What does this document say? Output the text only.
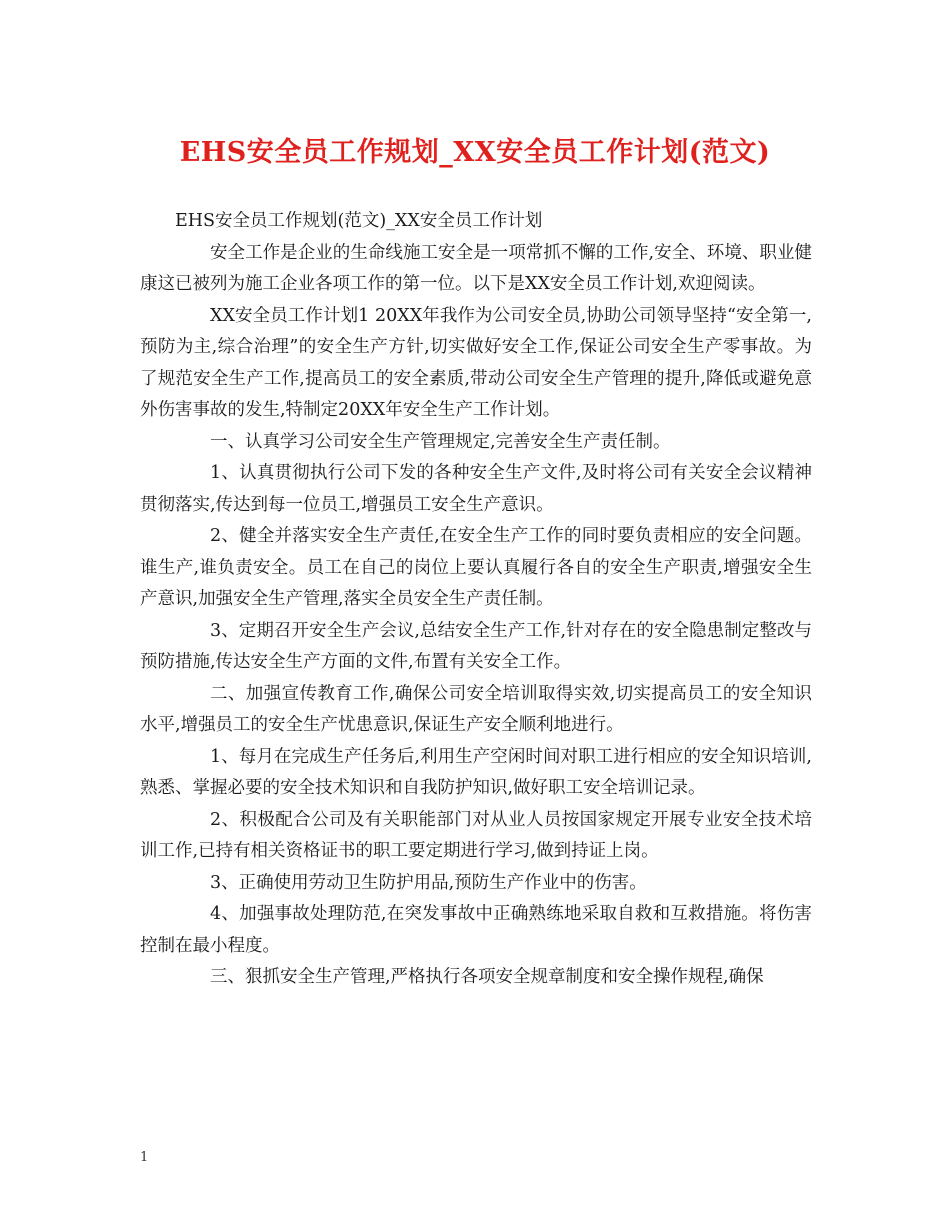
EHS安全员工作规划_XX安全员工作计划(范文)

EHS安全员工作规划(范文)_XX安全员工作计划

安全工作是企业的生命线施工安全是一项常抓不懈的工作,安全、环境、职业健康这已被列为施工企业各项工作的第一位。以下是XX安全员工作计划,欢迎阅读。

XX安全员工作计划1 20XX年我作为公司安全员,协助公司领导坚持“安全第一,预防为主,综合治理”的安全生产方针,切实做好安全工作,保证公司安全生产零事故。为了规范安全生产工作,提高员工的安全素质,带动公司安全生产管理的提升,降低或避免意外伤害事故的发生,特制定20XX年安全生产工作计划。

一、认真学习公司安全生产管理规定,完善安全生产责任制。

1、认真贯彻执行公司下发的各种安全生产文件,及时将公司有关安全会议精神贯彻落实,传达到每一位员工,增强员工安全生产意识。

2、健全并落实安全生产责任,在安全生产工作的同时要负责相应的安全问题。谁生产,谁负责安全。员工在自己的岗位上要认真履行各自的安全生产职责,增强安全生产意识,加强安全生产管理,落实全员安全生产责任制。

3、定期召开安全生产会议,总结安全生产工作,针对存在的安全隐患制定整改与预防措施,传达安全生产方面的文件,布置有关安全工作。

二、加强宣传教育工作,确保公司安全培训取得实效,切实提高员工的安全知识水平,增强员工的安全生产忧患意识,保证生产安全顺利地进行。

1、每月在完成生产任务后,利用生产空闲时间对职工进行相应的安全知识培训,熟悉、掌握必要的安全技术知识和自我防护知识,做好职工安全培训记录。

2、积极配合公司及有关职能部门对从业人员按国家规定开展专业安全技术培训工作,已持有相关资格证书的职工要定期进行学习,做到持证上岗。

3、正确使用劳动卫生防护用品,预防生产作业中的伤害。

4、加强事故处理防范,在突发事故中正确熟练地采取自救和互救措施。将伤害控制在最小程度。

三、狠抓安全生产管理,严格执行各项安全规章制度和安全操作规程,确保

1
